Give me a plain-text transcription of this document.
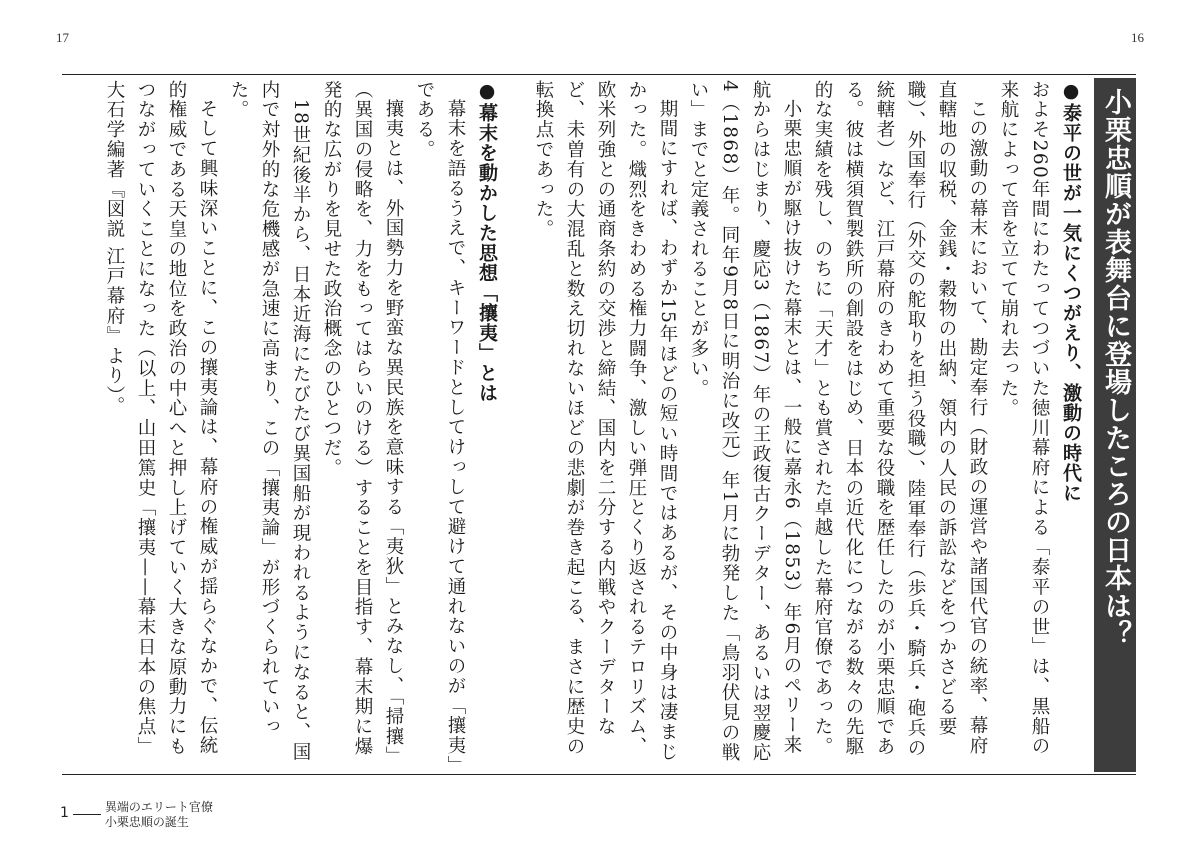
17	16
小栗忠順が表舞台に登場したころの日本は？
●泰平の世が一気にくつがえり、激動の時代に

およそ260年間にわたってつづいた徳川幕府による「泰平の世」は、黒船の来航によって音を立てて崩れ去った。

この激動の幕末において、勘定奉行（財政の運営や諸国代官の統率、幕府直轄地の収税、金銭・穀物の出納、領内の人民の訴訟などをつかさどる要職）、外国奉行（外交の舵取りを担う役職）、陸軍奉行（歩兵・騎兵・砲兵の統轄者）など、江戸幕府のきわめて重要な役職を歴任したのが小栗忠順である。彼は横須賀製鉄所の創設をはじめ、日本の近代化につながる数々の先駆的な実績を残し、のちに「天才」とも賞された卓越した幕府官僚であった。

小栗忠順が駆け抜けた幕末とは、一般に嘉永6（1853）年6月のペリー来航からはじまり、慶応3（1867）年の王政復古クーデター、あるいは翌慶応4（1868）年。同年9月8日に明治に改元）年1月に勃発した「鳥羽伏見の戦い」までと定義されることが多い。

期間にすれば、わずか15年ほどの短い時間ではあるが、その中身は凄まじかった。熾烈をきわめる権力闘争、激しい弾圧とくり返されるテロリズム、欧米列強との通商条約の交渉と締結、国内を二分する内戦やクーデターなど、未曽有の大混乱と数え切れないほどの悲劇が巻き起こる、まさに歴史の転換点であった。

●幕末を動かした思想「攘夷」とは

幕末を語るうえで、キーワードとしてけっして避けて通れないのが「攘夷」である。

攘夷とは、外国勢力を野蛮な異民族を意味する「夷狄」とみなし、「掃攘」（異国の侵略を、力をもってはらいのける）することを目指す、幕末期に爆発的な広がりを見せた政治概念のひとつだ。

18世紀後半から、日本近海にたびたび異国船が現われるようになると、国内で対外的な危機感が急速に高まり、この「攘夷論」が形づくられていった。

そして興味深いことに、この攘夷論は、幕府の権威が揺らぐなかで、伝統的権威である天皇の地位を政治の中心へと押し上げていく大きな原動力にもつながっていくことになった（以上、山田篤史「攘夷——幕末日本の焦点」大石学編著『図説 江戸幕府』より）。

1	異端のエリート官僚
小栗忠順の誕生
